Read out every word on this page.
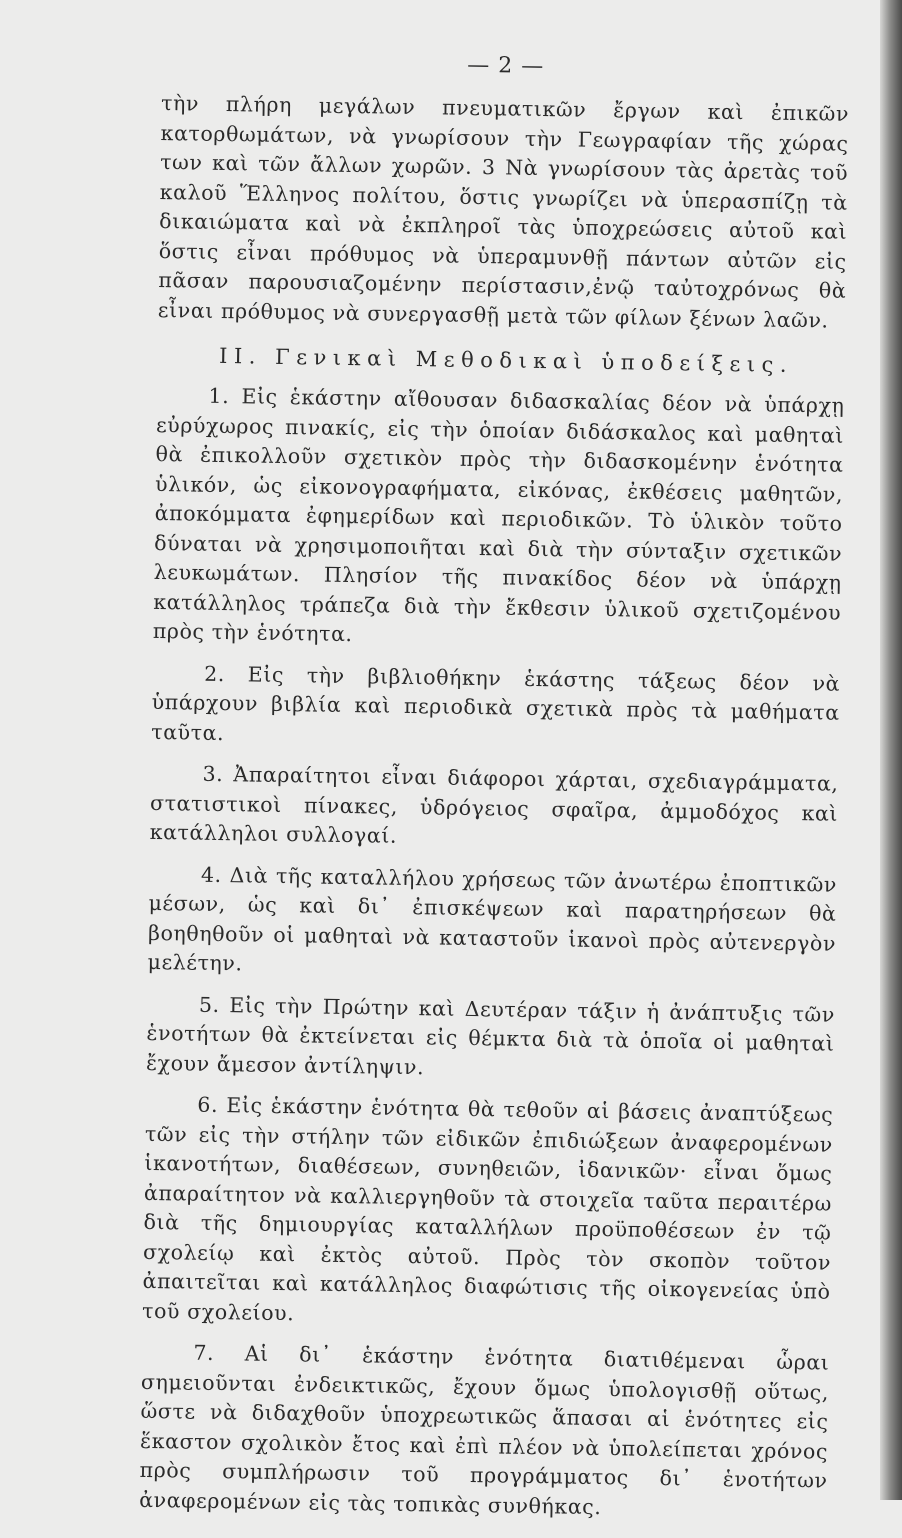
— 2 —

τὴν πλήρη μεγάλων πνευματικῶν ἔργων καὶ ἐπικῶν κατορθωμάτων, νὰ γνωρίσουν τὴν Γεωγραφίαν τῆς χώρας των καὶ τῶν ἄλλων χωρῶν. 3 Νὰ γνωρίσουν τὰς ἀρετὰς τοῦ καλοῦ Ἕλληνος πολίτου, ὅστις γνωρίζει νὰ ὑπερασπίζῃ τὰ δικαιώματα καὶ νὰ ἐκπληροῖ τὰς ὑποχρεώσεις αὐτοῦ καὶ ὅστις εἶναι πρόθυμος νὰ ὑπεραμυνθῇ πάντων αὐτῶν εἰς πᾶσαν παρουσιαζομένην περίστασιν,ἐνῷ ταὐτοχρόνως θὰ εἶναι πρόθυμος νὰ συνεργασθῇ μετὰ τῶν φίλων ξένων λαῶν.

II. Γενικαὶ Μεθοδικαὶ ὑποδείξεις.

1. Εἰς ἑκάστην αἴθουσαν διδασκαλίας δέον νὰ ὑπάρχῃ εὐρύχωρος πινακίς, εἰς τὴν ὁποίαν διδάσκαλος καὶ μαθηταὶ θὰ ἐπικολλοῦν σχετικὸν πρὸς τὴν διδασκομένην ἑνότητα ὑλικόν, ὡς εἰκονογραφήματα, εἰκόνας, ἐκθέσεις μαθητῶν, ἀποκόμματα ἐφημερίδων καὶ περιοδικῶν. Τὸ ὑλικὸν τοῦτο δύναται νὰ χρησιμοποιῆται καὶ διὰ τὴν σύνταξιν σχετικῶν λευκωμάτων. Πλησίον τῆς πινακίδος δέον νὰ ὑπάρχῃ κατάλληλος τράπεζα διὰ τὴν ἔκθεσιν ὑλικοῦ σχετιζομένου πρὸς τὴν ἑνότητα.

2. Εἰς τὴν βιβλιοθήκην ἑκάστης τάξεως δέον νὰ ὑπάρχουν βιβλία καὶ περιοδικὰ σχετικὰ πρὸς τὰ μαθήματα ταῦτα.

3. Ἀπαραίτητοι εἶναι διάφοροι χάρται, σχεδιαγράμματα, στατιστικοὶ πίνακες, ὑδρόγειος σφαῖρα, ἀμμοδόχος καὶ κατάλληλοι συλλογαί.

4. Διὰ τῆς καταλλήλου χρήσεως τῶν ἀνωτέρω ἐποπτικῶν μέσων, ὡς καὶ δι᾽ ἐπισκέψεων καὶ παρατηρήσεων θὰ βοηθηθοῦν οἱ μαθηταὶ νὰ καταστοῦν ἱκανοὶ πρὸς αὐτενεργὸν μελέτην.

5. Εἰς τὴν Πρώτην καὶ Δευτέραν τάξιν ἡ ἀνάπτυξις τῶν ἑνοτήτων θὰ ἐκτείνεται εἰς θέμκτα διὰ τὰ ὁποῖα οἱ μαθηταὶ ἔχουν ἄμεσον ἀντίληψιν.

6. Εἰς ἑκάστην ἑνότητα θὰ τεθοῦν αἱ βάσεις ἀναπτύξεως τῶν εἰς τὴν στήλην τῶν εἰδικῶν ἐπιδιώξεων ἀναφερομένων ἱκανοτήτων, διαθέσεων, συνηθειῶν, ἰδανικῶν· εἶναι ὅμως ἀπαραίτητον νὰ καλλιεργηθοῦν τὰ στοιχεῖα ταῦτα περαιτέρω διὰ τῆς δημιουργίας καταλλήλων προϋποθέσεων ἐν τῷ σχολείῳ καὶ ἐκτὸς αὐτοῦ. Πρὸς τὸν σκοπὸν τοῦτον ἀπαιτεῖται καὶ κατάλληλος διαφώτισις τῆς οἰκογενείας ὑπὸ τοῦ σχολείου.

7. Αἱ δι᾽ ἑκάστην ἑνότητα διατιθέμεναι ὧραι σημειοῦνται ἐνδεικτικῶς, ἔχουν ὅμως ὑπολογισθῇ οὕτως, ὥστε νὰ διδαχθοῦν ὑποχρεωτικῶς ἅπασαι αἱ ἑνότητες εἰς ἕκαστον σχολικὸν ἔτος καὶ ἐπὶ πλέον νὰ ὑπολείπεται χρόνος πρὸς συμπλήρωσιν τοῦ προγράμματος δι᾽ ἑνοτήτων ἀναφερομένων εἰς τὰς τοπικὰς συνθήκας.
